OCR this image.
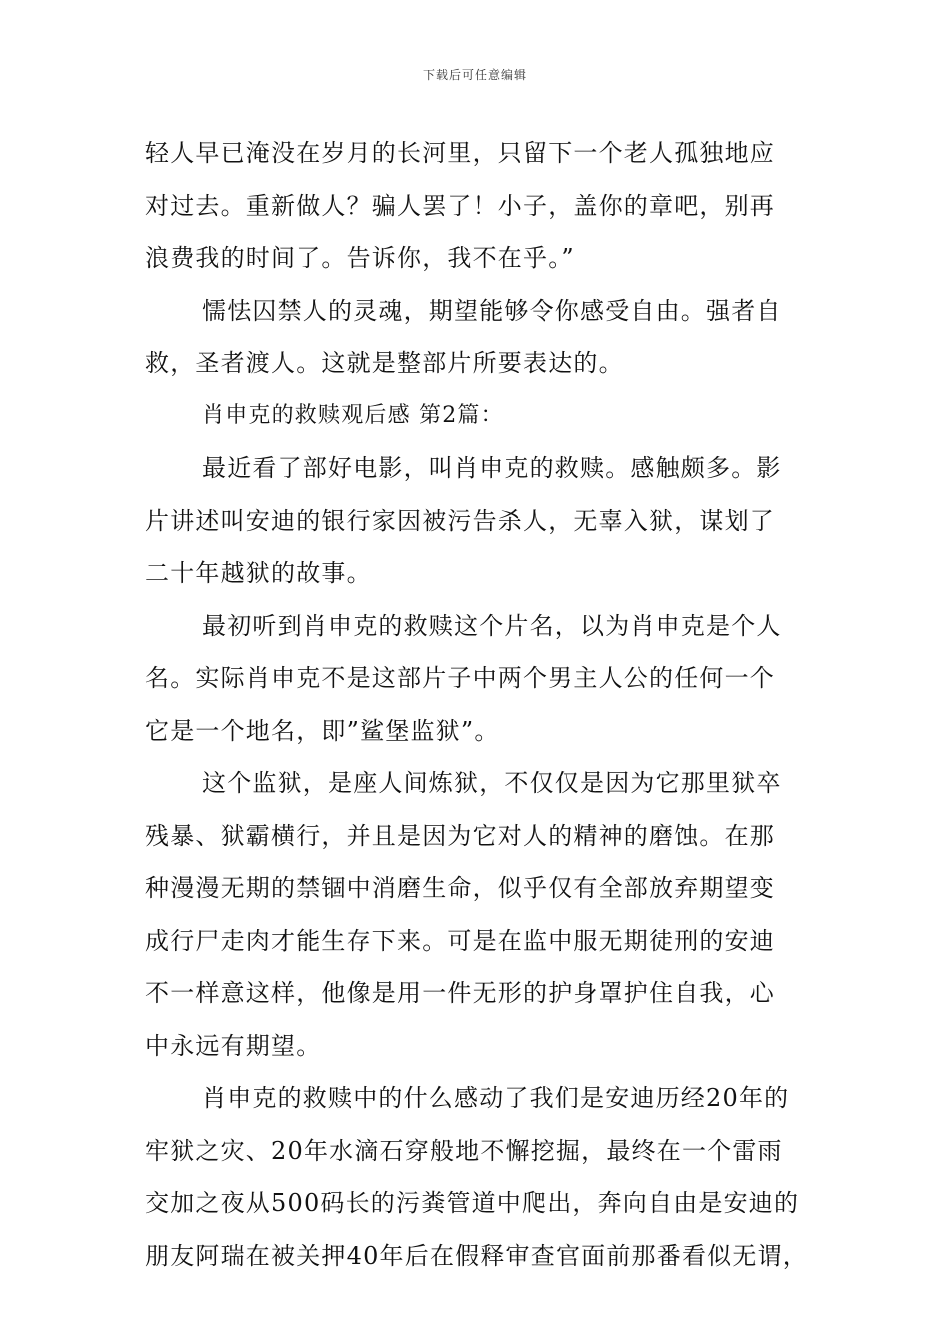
下载后可任意编辑
轻人早已淹没在岁月的长河里，只留下一个老人孤独地应
对过去。重新做人？骗人罢了！小子，盖你的章吧，别再
浪费我的时间了。告诉你，我不在乎。”
懦怯囚禁人的灵魂，期望能够令你感受自由。强者自
救，圣者渡人。这就是整部片所要表达的。
肖申克的救赎观后感 第2篇：
最近看了部好电影，叫肖申克的救赎。感触颇多。影
片讲述叫安迪的银行家因被污告杀人，无辜入狱，谋划了
二十年越狱的故事。
最初听到肖申克的救赎这个片名，以为肖申克是个人
名。实际肖申克不是这部片子中两个男主人公的任何一个
它是一个地名，即”鲨堡监狱”。
这个监狱，是座人间炼狱，不仅仅是因为它那里狱卒
残暴、狱霸横行，并且是因为它对人的精神的磨蚀。在那
种漫漫无期的禁锢中消磨生命，似乎仅有全部放弃期望变
成行尸走肉才能生存下来。可是在监中服无期徒刑的安迪
不一样意这样，他像是用一件无形的护身罩护住自我，心
中永远有期望。
肖申克的救赎中的什么感动了我们是安迪历经20年的
牢狱之灾、20年水滴石穿般地不懈挖掘，最终在一个雷雨
交加之夜从500码长的污粪管道中爬出，奔向自由是安迪的
朋友阿瑞在被关押40年后在假释审查官面前那番看似无谓，
